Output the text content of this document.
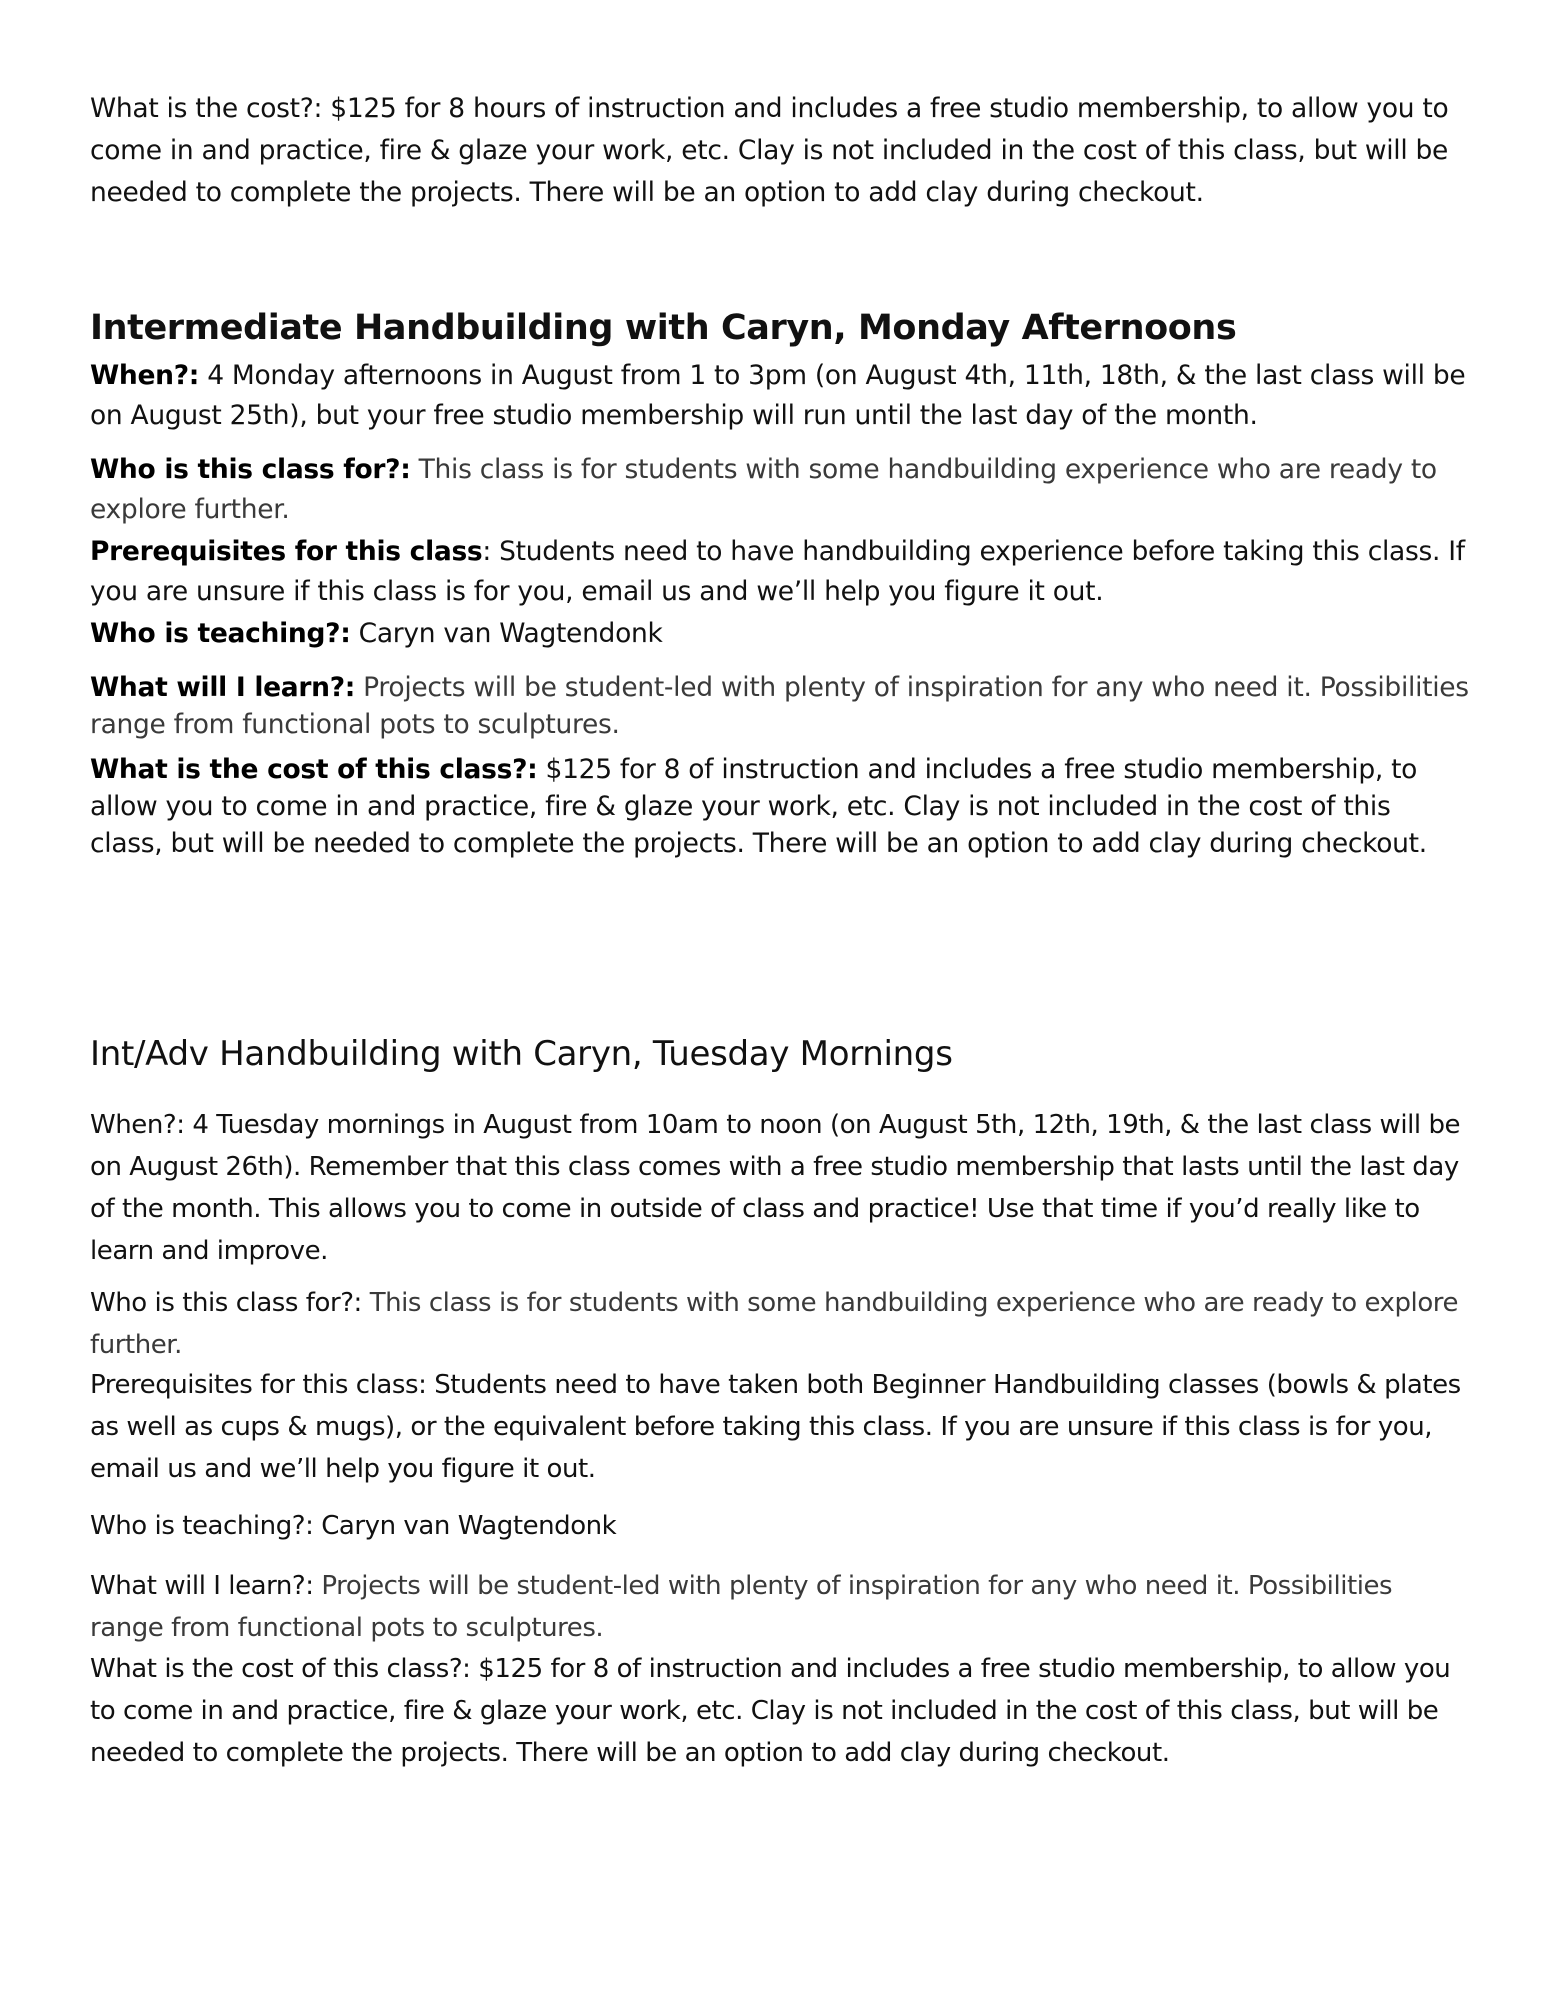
What is the cost?: $125 for 8 hours of instruction and includes a free studio membership, to allow you to come in and practice, fire & glaze your work, etc. Clay is not included in the cost of this class, but will be needed to complete the projects. There will be an option to add clay during checkout.

Intermediate Handbuilding with Caryn, Monday Afternoons

When?: 4 Monday afternoons in August from 1 to 3pm (on August 4th, 11th, 18th, & the last class will be on August 25th), but your free studio membership will run until the last day of the month.

Who is this class for?: This class is for students with some handbuilding experience who are ready to explore further.

Prerequisites for this class: Students need to have handbuilding experience before taking this class. If you are unsure if this class is for you, email us and we’ll help you figure it out.

Who is teaching?: Caryn van Wagtendonk

What will I learn?: Projects will be student-led with plenty of inspiration for any who need it. Possibilities range from functional pots to sculptures.

What is the cost of this class?: $125 for 8 of instruction and includes a free studio membership, to allow you to come in and practice, fire & glaze your work, etc. Clay is not included in the cost of this class, but will be needed to complete the projects. There will be an option to add clay during checkout.

Int/Adv Handbuilding with Caryn, Tuesday Mornings

When?: 4 Tuesday mornings in August from 10am to noon (on August 5th, 12th, 19th, & the last class will be on August 26th). Remember that this class comes with a free studio membership that lasts until the last day of the month. This allows you to come in outside of class and practice! Use that time if you’d really like to learn and improve.

Who is this class for?: This class is for students with some handbuilding experience who are ready to explore further.

Prerequisites for this class: Students need to have taken both Beginner Handbuilding classes (bowls & plates as well as cups & mugs), or the equivalent before taking this class. If you are unsure if this class is for you, email us and we’ll help you figure it out.

Who is teaching?: Caryn van Wagtendonk

What will I learn?: Projects will be student-led with plenty of inspiration for any who need it. Possibilities range from functional pots to sculptures.

What is the cost of this class?: $125 for 8 of instruction and includes a free studio membership, to allow you to come in and practice, fire & glaze your work, etc. Clay is not included in the cost of this class, but will be needed to complete the projects. There will be an option to add clay during checkout.
